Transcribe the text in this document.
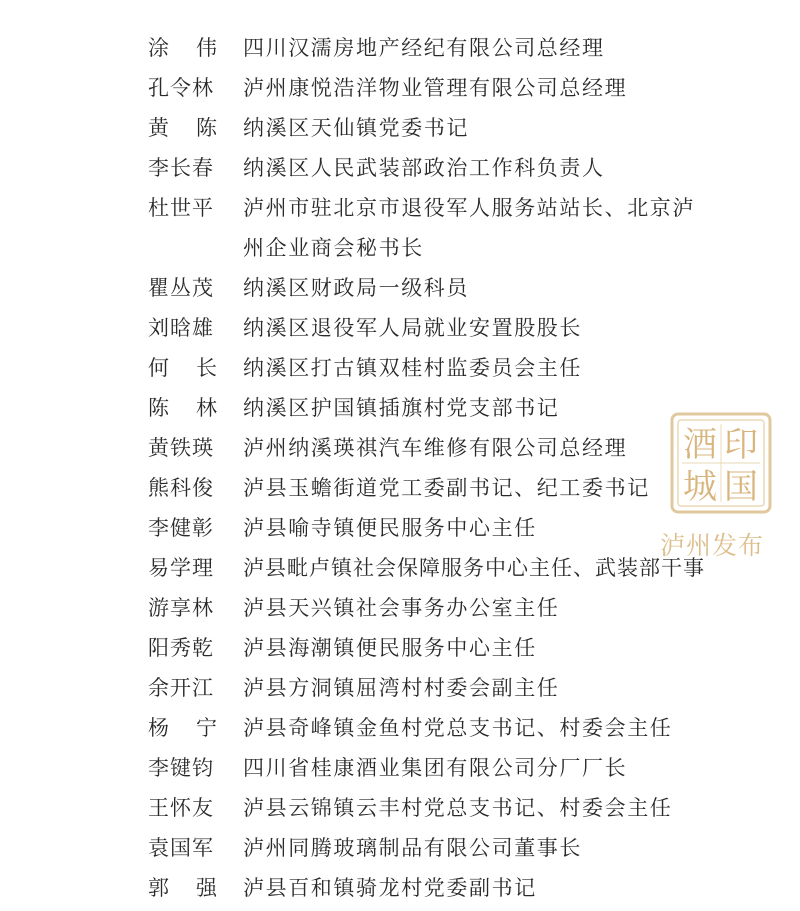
涂伟 四川汉濡房地产经纪有限公司总经理
孔令林	泸州康悦浩洋物业管理有限公司总经理
黄陈 纳溪区天仙镇党委书记
李长春	纳溪区人民武装部政治工作科负责人
杜世平	泸州市驻北京市退役军人服务站站长、北京泸州企业商会秘书长
瞿丛茂	纳溪区财政局一级科员
刘晗雄	纳溪区退役军人局就业安置股股长
何长 纳溪区打古镇双桂村监委员会主任
陈林 纳溪区护国镇插旗村党支部书记
黄铁瑛	泸州纳溪瑛祺汽车维修有限公司总经理
熊科俊	泸县玉蟾街道党工委副书记、纪工委书记
李健彰	泸县喻寺镇便民服务中心主任
易学理	泸县毗卢镇社会保障服务中心主任、武装部干事
游享林	泸县天兴镇社会事务办公室主任
阳秀乾	泸县海潮镇便民服务中心主任
余开江	泸县方洞镇屈湾村村委会副主任
杨宁 泸县奇峰镇金鱼村党总支书记、村委会主任
李键钧	四川省桂康酒业集团有限公司分厂厂长
王怀友	泸县云锦镇云丰村党总支书记、村委会主任
袁国军	泸州同腾玻璃制品有限公司董事长
郭强 泸县百和镇骑龙村党委副书记
酒 印
城 国
泸州发布
